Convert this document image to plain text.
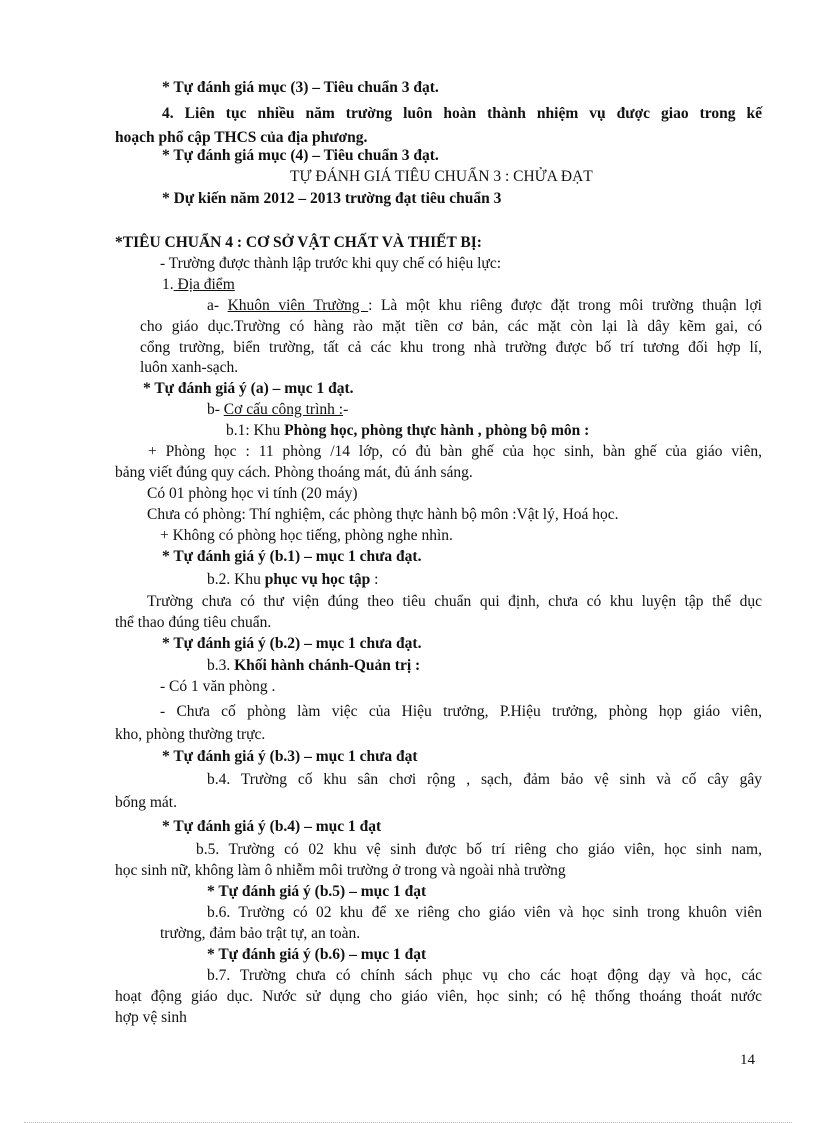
* Tự đánh giá mục (3) – Tiêu chuẩn 3 đạt.
4. Liên tục nhiều năm trường luôn hoàn thành nhiệm vụ được giao trong kế
hoạch phổ cập THCS của địa phương.
* Tự đánh giá mục (4) – Tiêu chuẩn 3 đạt.
TỰ ĐÁNH GIÁ TIÊU CHUẨN 3 : CHỬA ĐẠT
* Dự kiến năm 2012 – 2013 trường đạt tiêu chuẩn 3
*TIÊU CHUẨN 4 : CƠ SỞ VẬT CHẤT VÀ THIẾT BỊ:
- Trường được thành lập trước khi quy chế có hiệu lực:
1. Địa điểm
a- Khuôn viên Trường : Là một khu riêng được đặt trong môi trường thuận lợi
cho giáo dục.Trường có hàng rào mặt tiền cơ bản, các mặt còn lại là dây kẽm gai, có
cổng trường, biển trường, tất cả các khu trong nhà trường được bố trí tương đối hợp lí,
luôn xanh-sạch.
* Tự đánh giá ý (a) – mục 1 đạt.
b- Cơ cấu công trình :-
b.1: Khu Phòng học, phòng thực hành , phòng bộ môn :
+ Phòng học : 11 phòng /14 lớp, có đủ bàn ghế của học sinh, bàn ghế của giáo viên,
bảng viết đúng quy cách. Phòng thoáng mát, đủ ánh sáng.
Có 01 phòng học vi tính (20 máy)
Chưa có phòng: Thí nghiệm, các phòng thực hành bộ môn :Vật lý, Hoá học.
+ Không có phòng học tiếng, phòng nghe nhìn.
* Tự đánh giá ý (b.1) – mục 1 chưa đạt.
b.2. Khu phục vụ học tập :
Trường chưa có thư viện đúng theo tiêu chuẩn qui định, chưa có khu luyện tập thể dục
thể thao đúng tiêu chuẩn.
* Tự đánh giá ý (b.2) – mục 1 chưa đạt.
b.3. Khối hành chánh-Quản trị :
- Có 1 văn phòng .
- Chưa cố phòng làm việc của Hiệu trưởng, P.Hiệu trưởng, phòng họp giáo viên,
kho, phòng thường trực.
* Tự đánh giá ý (b.3) – mục 1 chưa đạt
b.4. Trường cố khu sân chơi rộng , sạch, đảm bảo vệ sinh và cố cây gây
bống mát.
* Tự đánh giá ý (b.4) – mục 1 đạt
b.5. Trường có 02 khu vệ sinh được bố trí riêng cho giáo viên, học sinh nam,
học sinh nữ, không làm ô nhiễm môi trường ở trong và ngoài nhà trường
* Tự đánh giá ý (b.5) – mục 1 đạt
b.6. Trường có 02 khu để xe riêng cho giáo viên và học sinh trong khuôn viên
trường, đảm bảo trật tự, an toàn.
* Tự đánh giá ý (b.6) – mục 1 đạt
b.7. Trường chưa có chính sách phục vụ cho các hoạt động dạy và học, các
hoạt động giáo dục. Nước sử dụng cho giáo viên, học sinh; có hệ thống thoáng thoát nước
hợp vệ sinh
14
